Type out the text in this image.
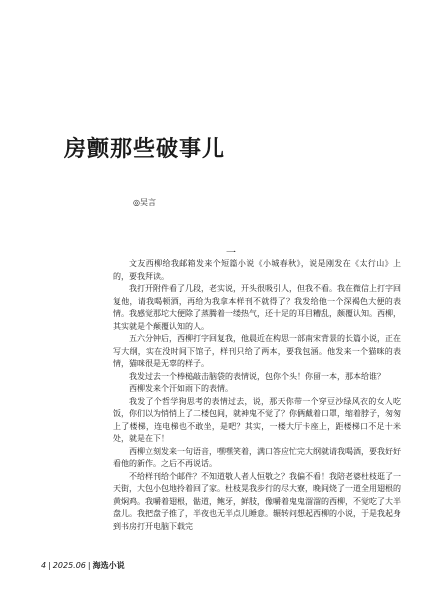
房颤那些破事儿
◎吴言
一

文友西柳给我邮箱发来个短篇小说《小城春秋》，说是刚发在《太行山》上的，要我拜读。

我打开附件看了几段，老实说，开头很吸引人，但我不看。我在微信上打字回复他，请我喝顿酒，再给为我拿本样刊不就得了？我发给他一个深褐色大便的表情。我感觉那坨大便除了蒸腾着一缕热气，还十足的耳目糟乱，颇覆认知。西柳，其实就是个颠覆认知的人。

五六分钟后，西柳打字回复我，他晨近在构思一部南宋背景的长篇小说，正在写大纲，实在没时间下馆子，样刊只给了两本，要我包涵。他发来一个猫咪的表情，猫咪很是无辜的样子。

我发过去一个棒槌敲击脑袋的表情说，包你个头！你留一本，那本给谁？

西柳发来个汗如雨下的表情。

我发了个哲学狗思考的表情过去，说，那天你带一个穿豆沙绿风衣的女人吃饭，你们以为悄悄上了二楼包间，就神鬼不觉了？你俩戴着口罩，缩着脖子，匆匆上了楼梯，连电梯也不敢坐，是吧？其实，一楼大厅卡座上，距楼梯口不足十米处，就是在下！

西柳立刻发来一句语音，嘿嘿笑着，满口答应忙完大纲就请我喝酒，要我好好看他的新作。之后不再说话。

不给样刊给个邮件？不知道敬人者人恒敬之？我偏不看！我陪老婆杜枝逛了一天街，大包小包地拎着回了家。杜枝晃我步行的尽大寮，晚间烧了一道全用翅根的黄焖鸡。我嚼着翅根，骷道，鲍牙，鲜肢，像嚼着鬼鬼溜溜的西柳，不觉吃了大半盘儿。我把盘子推了，半夜也无半点儿睡意。辗转问想起西柳的小说，于是我起身到书房打开电脑下载完

4 | 2025.06 | 海选小说
